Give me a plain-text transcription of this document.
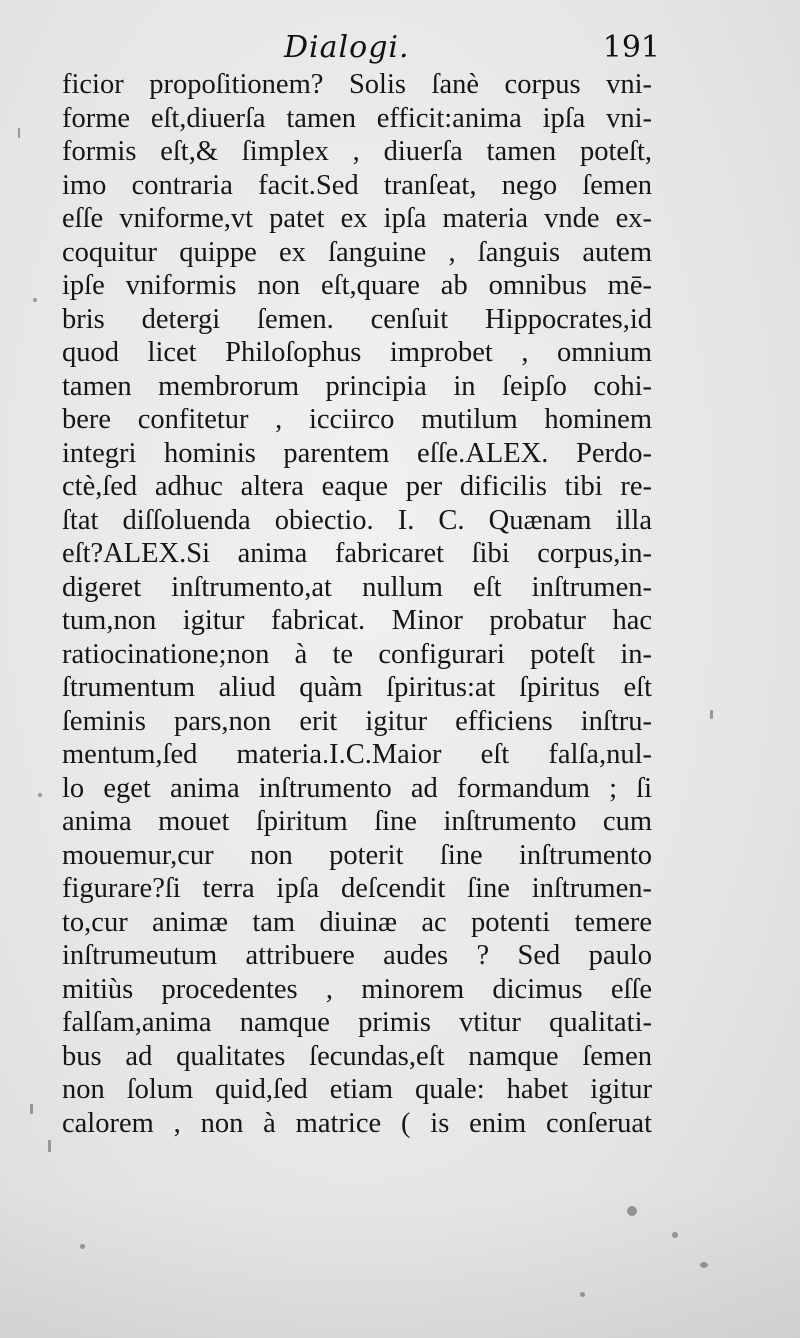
Dialogi.	191
ficior propoſitionem? Solis ſanè corpus vni-
forme eſt,diuerſa tamen efficit:anima ipſa vni-
formis eſt,& ſimplex , diuerſa tamen poteſt,
imo contraria facit.Sed tranſeat, nego ſemen
eſſe vniforme,vt patet ex ipſa materia vnde ex-
coquitur quippe ex ſanguine , ſanguis autem
ipſe vniformis non eſt,quare ab omnibus mē-
bris detergi ſemen. cenſuit Hippocrates,id
quod licet Philoſophus improbet , omnium
tamen membrorum principia in ſeipſo cohi-
bere confitetur , icciirco mutilum hominem
integri hominis parentem eſſe.ALEX. Perdo-
ctè,ſed adhuc altera eaque per dificilis tibi re-
ſtat diſſoluenda obiectio. I. C. Quænam illa
eſt?ALEX.Si anima fabricaret ſibi corpus,in-
digeret inſtrumento,at nullum eſt inſtrumen-
tum,non igitur fabricat. Minor probatur hac
ratiocinatione;non à te configurari poteſt in-
ſtrumentum aliud quàm ſpiritus:at ſpiritus eſt
ſeminis pars,non erit igitur efficiens inſtru-
mentum,ſed materia.I.C.Maior eſt falſa,nul-
lo eget anima inſtrumento ad formandum ; ſi
anima mouet ſpiritum ſine inſtrumento cum
mouemur,cur non poterit ſine inſtrumento
figurare?ſi terra ipſa deſcendit ſine inſtrumen-
to,cur animæ tam diuinæ ac potenti temere
inſtrumeutum attribuere audes ? Sed paulo
mitiùs procedentes , minorem dicimus eſſe
falſam,anima namque primis vtitur qualitati-
bus ad qualitates ſecundas,eſt namque ſemen
non ſolum quid,ſed etiam quale: habet igitur
calorem , non à matrice ( is enim conſeruat
